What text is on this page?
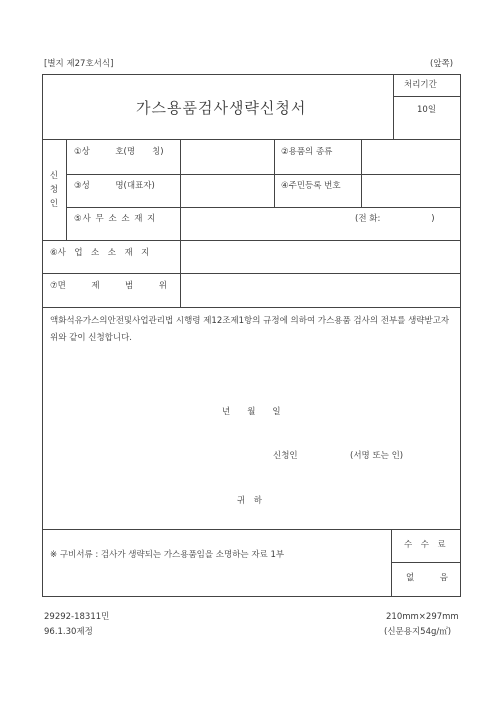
[별지 제27호서식]	(앞쪽)
가스용품검사생략신청서
처리기간
10일
신
청
인
①상　　　호(명　　칭)	②용품의 종류
③성　　　명(대표자)	④주민등록 번호
⑤사 무 소 소 재 지	(전 화:　　　　　　)
⑥사　업　소　소　재　지
⑦면　　　제　　　범　　　위
액화석유가스의안전및사업관리법 시행령 제12조제1항의 규정에 의하여 가스용품 검사의 전부를 생략받고자 위와 같이 신청합니다.
년　　월　　일
신청인	(서명 또는 인)
귀　하
※ 구비서류 : 검사가 생략되는 가스용품임을 소명하는 자료 1부
수　수　료
없　　　음
29292-18311민
96.1.30제정
210mm×297mm
(신문용지54g/㎡)
